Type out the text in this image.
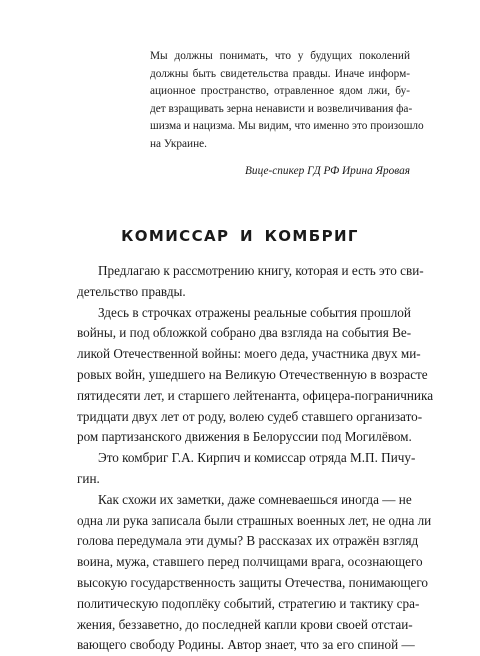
Мы должны понимать, что у будущих поколений
должны быть свидетельства правды. Иначе информ-
ационное пространство, отравленное ядом лжи, бу-
дет взращивать зерна ненависти и возвеличивания фа-
шизма и нацизма. Мы видим, что именно это произошло
на Украине.
Вице-спикер ГД РФ Ирина Яровая
КОМИССАР И КОМБРИГ
Предлагаю к рассмотрению книгу, которая и есть это сви-
детельство правды.
Здесь в строчках отражены реальные события прошлой
войны, и под обложкой собрано два взгляда на события Ве-
ликой Отечественной войны: моего деда, участника двух ми-
ровых войн, ушедшего на Великую Отечественную в возрасте
пятидесяти лет, и старшего лейтенанта, офицера-пограничника
тридцати двух лет от роду, волею судеб ставшего организато-
ром партизанского движения в Белоруссии под Могилёвом.
Это комбриг Г.А. Кирпич и комиссар отряда М.П. Пичу-
гин.
Как схожи их заметки, даже сомневаешься иногда — не
одна ли рука записала были страшных военных лет, не одна ли
голова передумала эти думы? В рассказах их отражён взгляд
воина, мужа, ставшего перед полчищами врага, осознающего
высокую государственность защиты Отечества, понимающего
политическую подоплёку событий, стратегию и тактику сра-
жения, беззаветно, до последней капли крови своей отстаи-
вающего свободу Родины. Автор знает, что за его спиной —
